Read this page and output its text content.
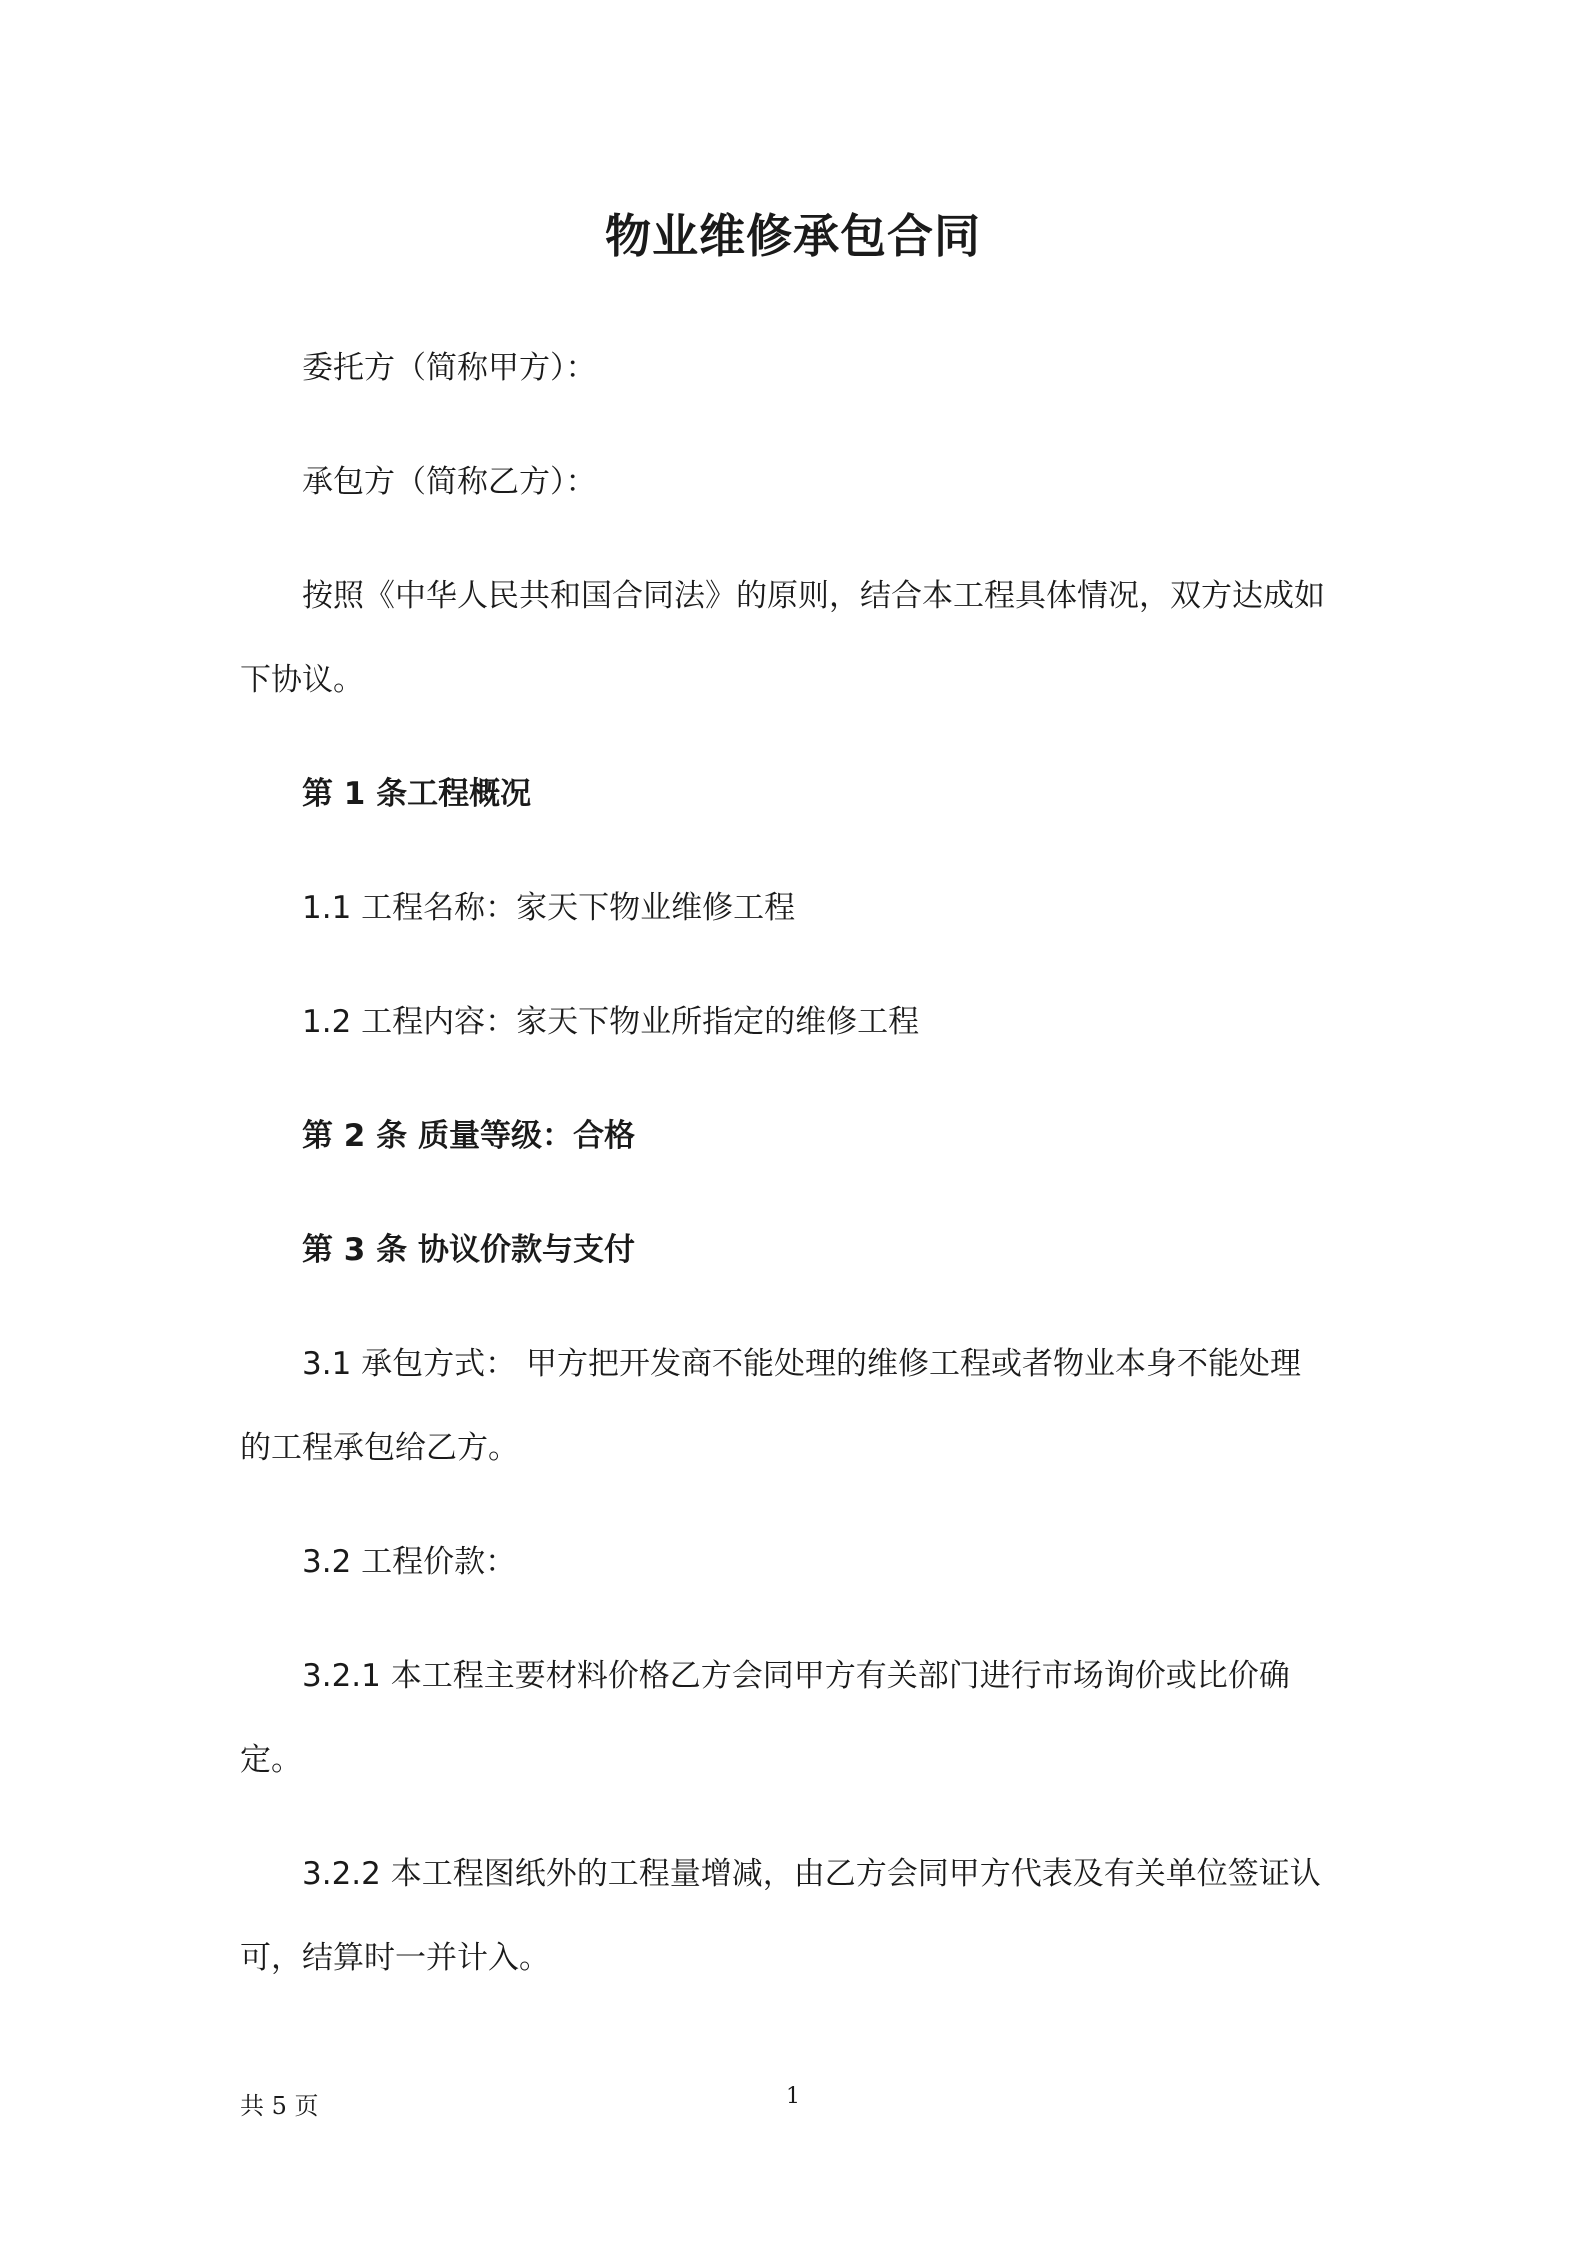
物业维修承包合同
委托方（简称甲方）：
承包方（简称乙方）：
按照《中华人民共和国合同法》的原则，结合本工程具体情况，双方达成如
下协议。
第 1 条工程概况
1.1 工程名称：家天下物业维修工程
1.2 工程内容：家天下物业所指定的维修工程
第 2 条 质量等级：合格
第 3 条 协议价款与支付
3.1 承包方式： 甲方把开发商不能处理的维修工程或者物业本身不能处理
的工程承包给乙方。
3.2 工程价款：
3.2.1 本工程主要材料价格乙方会同甲方有关部门进行市场询价或比价确
定。
3.2.2 本工程图纸外的工程量增减，由乙方会同甲方代表及有关单位签证认
可，结算时一并计入。
共 5 页	1
